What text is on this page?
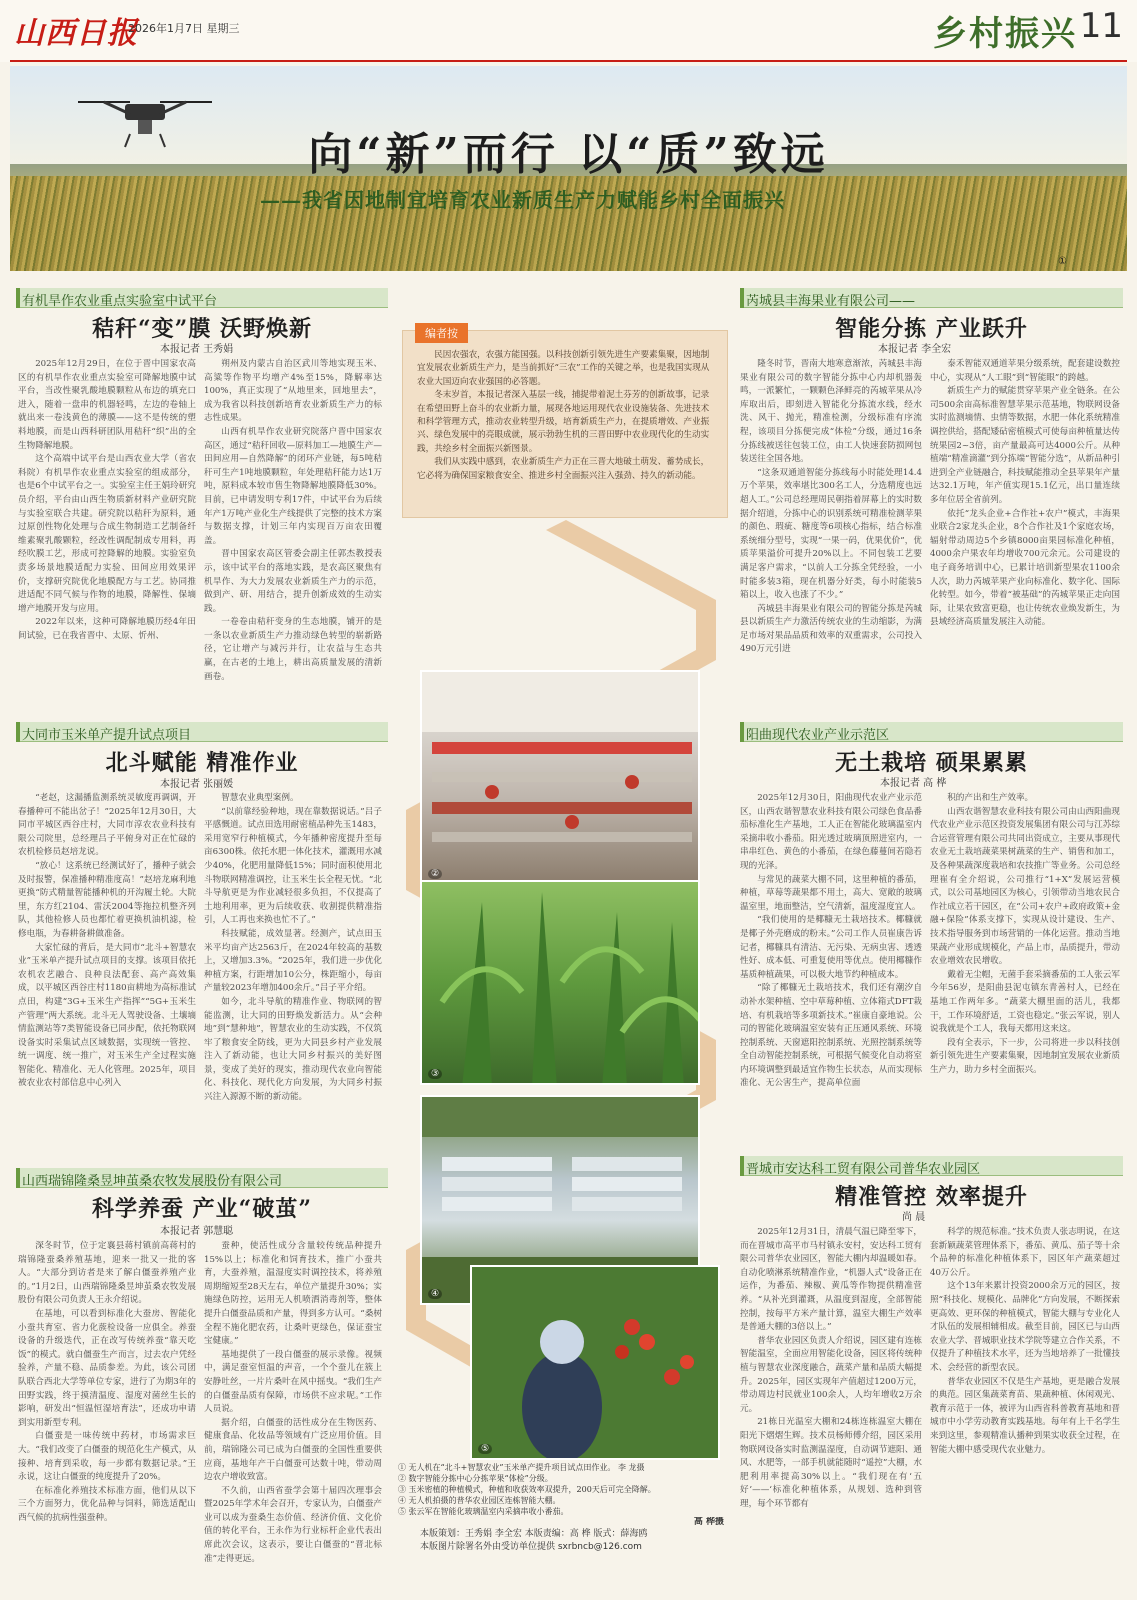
山西日报
2026年1月7日 星期三	乡村振兴 11
向“新”而行 以“质”致远
——我省因地制宜培育农业新质生产力赋能乡村全面振兴
①
有机旱作农业重点实验室中试平台
秸秆“变”膜 沃野焕新
本报记者 王秀娟

2025年12月29日，在位于晋中国家农高区的有机旱作农业重点实验室可降解地膜中试平台，当改性聚乳酸地膜颗粒从布边的填充口进入，随着一盘串的机器轻鸣，左边的卷轴上就出来一卷浅黄色的薄膜——这不是传统的塑料地膜，而是山西科研团队用秸秆“织”出的全生物降解地膜。

这个高端中试平台是山西农业大学（省农科院）有机旱作农业重点实验室的组成部分，也是6个中试平台之一。实验室主任王娟玲研究员介绍，平台由山西生物质新材料产业研究院与实验室联合共建。研究院以秸秆为原料，通过原创性物化处理与合成生物制造工艺制备纤维素聚乳酸颗粒，经改性调配制成专用料，再经吹膜工艺，形成可控降解的地膜。实验室负责多场景地膜适配力实验、田间应用效果评价，支撑研究院优化地膜配方与工艺。协同推进适配不同气候与作物的地膜，降解性、保墒增产地膜开发与应用。

2022年以来，这种可降解地膜历经4年田间试验，已在我省晋中、太原、忻州、

朔州及内蒙古自治区武川等地实现玉米、高粱等作物平均增产4%至15%，降解率达100%，真正实现了“从地里来，回地里去”，成为我省以科技创新培育农业新质生产力的标志性成果。

山西有机旱作农业研究院落户晋中国家农高区，通过“秸秆回收—原料加工—地膜生产—田间应用—自然降解”的闭环产业链，每5吨秸秆可生产1吨地膜颗粒，年处理秸秆能力达1万吨，原料成本较市售生物降解地膜降低30%。目前，已申请发明专利17件，中试平台为后续年产1万吨产业化生产线提供了完整的技术方案与数据支撑，计划三年内实现百万亩农田覆盖。

晋中国家农高区管委会副主任郭杰教授表示，该中试平台的落地实践，是农高区聚焦有机旱作、为大力发展农业新质生产力的示范，做到产、研、用结合，提升创新成效的生动实践。

一卷卷由秸秆变身的生态地膜，铺开的是一条以农业新质生产力推动绿色转型的崭新路径，它让增产与减污并行，让农益与生态共赢，在古老的土地上，耕出高质量发展的清新画卷。

大同市玉米单产提升试点项目
北斗赋能 精准作业
本报记者 张丽媛

“老赵，这漏播监测系统灵敏度再调调，开春播种可不能出岔子！”2025年12月30日，大同市平城区西谷庄村，大同市淳农农业科技有限公司院里，总经理吕子平俯身对正在忙碌的农机检修员赵培龙说。

“放心！这系统已经测试好了，播种子就会及时报警，保准播种精准度高！”赵培龙麻利地更换“防式精量智能播种机的开沟履土轮。大院里，东方红2104、雷沃2004等拖拉机整齐列队，其他检修人员也都忙着更换机油机滤，检修电瓶，为春耕备耕做准备。

大家忙碌的背后，是大同市“北斗+智慧农业”玉米单产提升试点项目的支撑。该项目依托农机农艺融合、良种良法配套、高产高效集成，以平城区西谷庄村1180亩耕地为高标准试点田，构建“3G+玉米生产指挥”“5G+玉米生产管理”两大系统。北斗无人驾驶设备、土壤墒情监测站等7类智能设备已同步配，依托物联网设备实时采集试点区域数据，实现统一管控、统一调度、统一推广，对玉米生产全过程实施智能化、精准化、无人化管理。2025年，项目被农业农村部信息中心列入

智慧农业典型案例。

“以前靠经验种地，现在靠数据说话。”吕子平感慨道。试点田选用耐密植品种先玉1483，采用宽窄行种植模式，今年播种密度提升至每亩6300株。依托水肥一体化技术，灌溉用水减少40%，化肥用量降低15%；同时面积使用北斗物联网精准调控，让玉米生长全程无忧。“北斗导航更是为作业减轻很多负担，不仅提高了土地利用率，更为后续收获、收割提供精准指引，人工再也来换也忙不了。”

科技赋能，成效显著。经测产，试点田玉米平均亩产达2563斤，在2024年较高的基数上，又增加3.3%。“2025年，我们进一步优化种植方案，行距增加10公分，株距缩小，每亩产量较2023年增加400余斤。”吕子平介绍。

如今，北斗导航的精准作业、物联网的智能监测，让大同的田野焕发新活力。从“会种地”到“慧种地”，智慧农业的生动实践，不仅筑牢了粮食安全防线，更为大同县乡村产业发展注入了新动能，也让大同乡村振兴的美好图景，变成了美好的现实，推动现代农业向智能化、科技化、现代化方向发展，为大同乡村振兴注入源源不断的新动能。

山西瑞锦隆桑昱坤茧桑农牧发展股份有限公司
科学养蚕 产业“破茧”
本报记者 郭慧聪

深冬时节，位于定襄县蒋村镇前高蒋村的瑞锦隆蚕桑养殖基地，迎来一批又一批的客人。“大部分到访者是来了解白僵蚕养殖产业的。”1月2日，山西瑞锦隆桑昱坤茧桑农牧发展股份有限公司负责人王永介绍说。

在基地，可以看到标准化大蚕房、智能化小蚕共育室、省力化蔟检设备一应俱全。养蚕设备的升级迭代，正在改写传统养蚕“靠天吃饭”的模式。就白僵蚕生产而言，过去农户凭经验养，产量不稳、品质参差。为此，该公司团队联合西北大学等单位专家，进行了为期3年的田野实践，终于摸清温度、湿度对菌丝生长的影响，研发出“恒温恒湿培育法”，还成功申请到实用新型专利。

白僵蚕是一味传统中药材，市场需求巨大。“我们改变了白僵蚕的规范化生产模式，从接种、培育到采收，每一步都有数据记录。”王永说，这让白僵蚕的纯度提升了20%。

在标准化养殖技术标准方面，他们从以下三个方面努力，优化品种与饲料，筛选适配山西气候的抗病性强蚕种。

蚕种，使活性成分含量较传统品种提升15%以上；标准化和饲育技术，推广小蚕共育，大蚕养殖，温湿度实时调控技术，将养殖周期缩短至28天左右，单位产量提升30%；实施绿色防控，运用无人机喷洒消毒剂等，整体提升白僵蚕品质和产量，得到多方认可。“桑树全程不施化肥农药，让桑叶更绿色，保证蚕宝宝健康。”

基地提供了一段白僵蚕的展示录像。视频中，满足蚕室恒温的声音，一个个蚕儿在簇上安静吐丝，一片片桑叶在风中摇曳。“我们生产的白僵蚕品质有保障，市场供不应求呢。”工作人员说。

据介绍，白僵蚕的活性成分在生物医药、健康食品、化妆品等领域有广泛应用价值。目前，瑞锦隆公司已成为白僵蚕的全国性重要供应商，基地年产干白僵蚕可达数十吨，带动周边农户增收致富。

不久前，山西省蚕学会第十届四次理事会暨2025年学术年会召开，专家认为，白僵蚕产业可以成为蚕桑生态价值、经济价值、文化价值的转化平台，王永作为行业标杆企业代表出席此次会议，这表示，要让白僵蚕的“晋北标准”走得更远。

编者按

民因农强农，农强方能国强。以科技创新引领先进生产要素集聚，因地制宜发展农业新质生产力，是当前抓好“三农”工作的关键之举，也是我国实现从农业大国迈向农业强国的必答题。

冬末岁首，本报记者深入基层一线，捕捉带着泥土芬芳的创新故事，记录在希望田野上奋斗的农业新力量，展现各地运用现代农业设施装备、先进技术和科学管理方式，推动农业转型升级，培育新质生产力，在提质增效、产业振兴、绿色发展中的亮眼成就，展示勃勃生机的三晋田野中农业现代化的生动实践，共绘乡村全面振兴新图景。

我们从实践中感到，农业新质生产力正在三晋大地破土萌发、蓄势成长，它必将为确保国家粮食安全、推进乡村全面振兴注入强劲、持久的新动能。

②
③
④
⑤
① 无人机在“北斗+智慧农业”玉米单产提升项目试点田作业。 李 龙摄
② 数字智能分拣中心分拣苹果“体检”分级。
③ 玉米密植的种植模式，种植和收获效率双提升，200天后可完全降解。
④ 无人机拍摄的普华农业园区连栋智能大棚。
⑤ 张云军在智能化玻璃温室内采摘串收小番茄。
高 桦摄
本版策划：王秀娟 李全宏 本版责编：高 桦 版式：薛海鸥
本版图片除署名外由受访单位提供 sxrbncb@126.com
芮城县丰海果业有限公司——
智能分拣 产业跃升
本报记者 李全宏

隆冬时节，晋南大地寒意渐浓，芮城县丰海果业有限公司的数字智能分拣中心内却机器轰鸣，一派繁忙，一颗颗色泽鲜亮的芮城苹果从冷库取出后，即刻进入智能化分拣流水线，经水洗、风干、抛光，精准检测，分级标准有序流程，该项目分拣便完成“体检”分级，通过16条分拣线被送往包装工位，由工人快速套防损网包装送往全国各地。

“这条双通道智能分拣线每小时能处理14.4万个苹果，效率堪比300名工人，分选精度也远超人工。”公司总经理周民朝指着屏幕上的实时数据介绍道，分拣中心的识别系统可精准检测苹果的颜色、瑕疵、糖度等6项核心指标，结合标准系统细分型号，实现“一果一码，优果优价”，优质苹果溢价可提升20%以上。不同包装工艺要满足客户需求，“以前人工分拣全凭经验，一小时能多装3箱，现在机器分好类，每小时能装5箱以上，收入也涨了不少。”

芮城县丰海果业有限公司的智能分拣是芮城县以新质生产力激活传统农业的生动缩影，为满足市场对果品品质和效率的双重需求，公司投入490万元引进

泰禾智能双通道苹果分级系统，配套建设数控中心，实现从“人工眼”到“智能眼”的跨越。

新质生产力的赋能贯穿苹果产业全链条。在公司500余亩高标准智慧苹果示范基地，物联网设备实时监测墒情、虫情等数据，水肥一体化系统精准调控供给，搭配矮砧密植模式可使每亩种植量达传统果园2~3倍，亩产量最高可达4000公斤。从种植端“精准滴灌”到分拣端“智能分选”，从新品种引进到全产业链融合，科技赋能推动全县苹果年产量达32.1万吨，年产值实现15.1亿元，出口量连续多年位居全省前列。

依托“龙头企业+合作社+农户”模式，丰海果业联合2家龙头企业，8个合作社及1个家庭农场，辐射带动周边5个乡镇8000亩果园标准化种植，4000余户果农年均增收700元余元。公司建设的电子商务培训中心，已累计培训新型果农1100余人次，助力芮城苹果产业向标准化、数字化、国际化转型。如今，带着“被基础”的芮城苹果正走向国际，让果农致富更稳，也让传统农业焕发新生，为县域经济高质量发展注入动能。

阳曲现代农业产业示范区
无土栽培 硕果累累
本报记者 高 桦

2025年12月30日，阳曲现代农业产业示范区，山西农谐智慧农业科技有限公司绿色食品番茄标准化生产基地，工人正在智能化玻璃温室内采摘串收小番茄。阳光透过玻璃顶照进室内，一串串红色、黄色的小番茄，在绿色藤蔓间若隐若现的光泽。

与常见的蔬菜大棚不同，这里种植的番茄，种植，草莓等蔬果都不用土，高大、宽敞的玻璃温室里，地面整洁，空气清新，温度湿度宜人。

“我们使用的是椰糠无土栽培技术。椰糠就是椰子外壳磨成的粉末。”公司工作人员崔康告诉记者，椰糠具有清洁、无污染、无病虫害、透透性好、成本低、可重复使用等优点。使用椰糠作基质种植蔬果，可以极大地节约种植成本。

“除了椰糠无土栽培技术，我们还有潮汐自动补水架种植、空中草莓种植、立体箱式DFT栽培、有机栽培等多项新技术。”崔康自豪地说。公司的智能化玻璃温室安装有正压通风系统、环境控制系统、天窗遮阳控制系统、光照控制系统等全自动智能控制系统，可根据气候变化自动将室内环境调整到最适宜作物生长状态，从而实现标准化、无公害生产，提高单位面

积的产出和生产效率。

山西农谐智慧农业科技有限公司由山西阳曲现代农业产业示范区投资发展集团有限公司与江苏综合运营管理有限公司共同出资成立，主要从事现代农业无土栽培蔬菜果树蔬菜的生产、销售和加工，及各种果蔬深度栽培和农技推广等业务。公司总经理崔有全介绍说，公司推行“1+X”发展运营模式，以公司基地园区为核心，引领带动当地农民合作社成立若干园区，在“公司+农户+政府政策+金融+保险”体系支撑下，实现从设计建设、生产、技术指导服务到市场营销的一体化运营。推动当地果蔬产业形成规模化，产品上市，品质提升，带动农业增效农民增收。

戴着无尘帽，无菌手套采摘番茄的工人张云军今年56岁，是阳曲县泥屯镇东青善村人，已经在基地工作两年多。“蔬菜大棚里面的活儿，我都干，工作环境舒适，工资也稳定。”张云军说，别人说我就是个工人，我每天都用这来这。

段有全表示，下一步，公司将进一步以科技创新引领先进生产要素集聚，因地制宜发展农业新质生产力，助力乡村全面振兴。

晋城市安达科工贸有限公司普华农业园区
精准管控 效率提升
尚 晨

2025年12月31日，清晨气温已降至零下，而在晋城市高平市马村镇永安村，安达科工贸有限公司普华农业园区，智能大棚内却温暖如春。自动化喷淋系统精准作业，“机器人式”设备正在运作，为番茄、辣椒、黄瓜等作物提供精准营养。“从补光到灌溉，从温度到湿度，全部智能控制，按每平方米产量计算，温室大棚生产效率是普通大棚的3倍以上。”

普华农业园区负责人介绍说，园区建有连栋智能温室，全面应用智能化设备，园区将传统种植与智慧农业深度融合，蔬菜产量和品质大幅提升。2025年，园区实现年产值超过1200万元，带动周边村民就业100余人，人均年增收2万余元。

21栋日光温室大棚和24栋连栋温室大棚在阳光下熠熠生辉。技术员杨师傅介绍，园区采用物联网设备实时监测温湿度，自动调节遮阳、通风、水肥等，一部手机就能随时“遥控”大棚，水肥利用率提高30%以上。“我们现在有‘五好’——‘标准化种植体系，从规划、选种到管理，每个环节都有

科学的规范标准。”技术负责人张志明说，在这套新颖蔬菜管理体系下，番茄、黄瓜、茄子等十余个品种的标准化种植体系下，园区年产蔬菜超过40万公斤。

这个13年来累计投资2000余万元的园区，按照“科技化、规模化、品牌化”方向发展，不断探索更高效、更环保的种植模式，智能大棚与专业化人才队伍的发展相辅相成。截至目前，园区已与山西农业大学、晋城职业技术学院等建立合作关系，不仅提升了种植技术水平，还为当地培养了一批懂技术、会经营的新型农民。

普华农业园区不仅是生产基地，更是融合发展的典范。园区集蔬菜育苗、果蔬种植、休闲观光、教育示范于一体，被评为山西省科普教育基地和晋城市中小学劳动教育实践基地。每年有上千名学生来到这里，参观精准认播种到果实收获全过程，在智能大棚中感受现代农业魅力。
